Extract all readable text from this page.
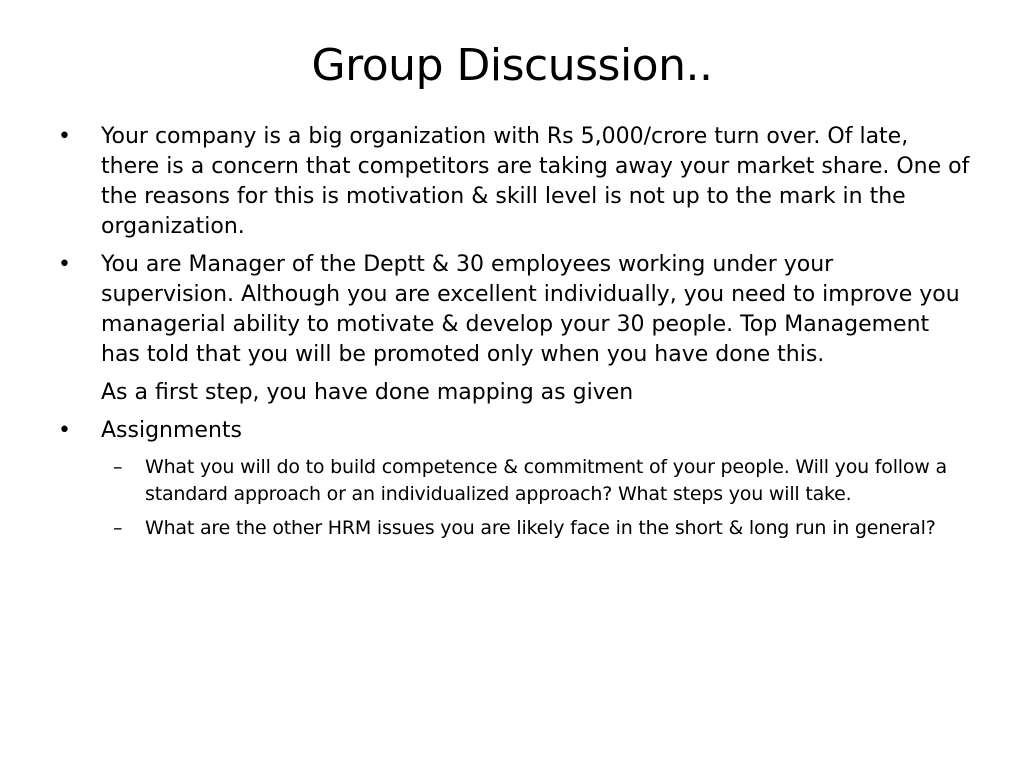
Group Discussion..
•	Your company is a big organization with Rs 5,000/crore turn over. Of late, there is a concern that competitors are taking away your market share. One of the reasons for this is motivation & skill level is not up to the mark in the organization.
•	You are Manager of the Deptt & 30 employees working under your supervision. Although you are excellent individually, you need to improve you managerial ability to motivate & develop your 30 people. Top Management has told that you will be promoted only when you have done this.
As a first step, you have done mapping as given
•	Assignments
–	What you will do to build competence & commitment of your people. Will you follow a standard approach or an individualized approach? What steps you will take.
–	What are the other HRM issues you are likely face in the short & long run in general?
